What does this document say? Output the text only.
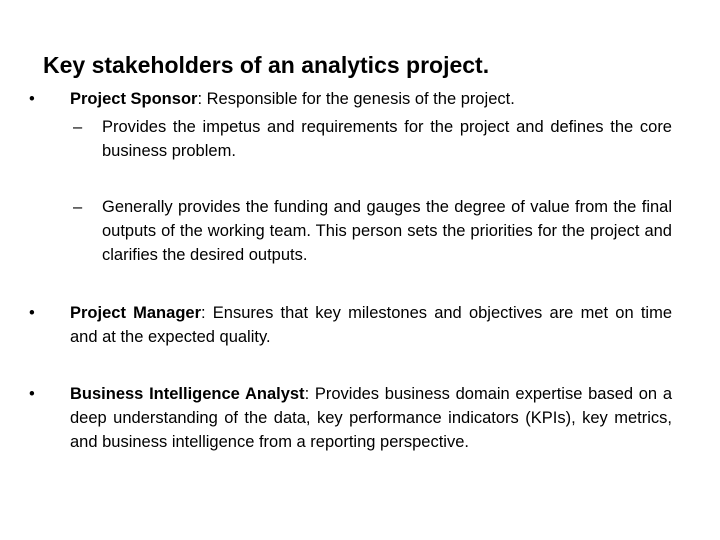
Key stakeholders of an analytics project.
•	Project Sponsor: Responsible for the genesis of the project.
–	Provides the impetus and requirements for the project and defines the core business problem.
–	Generally provides the funding and gauges the degree of value from the final outputs of the working team. This person sets the priorities for the project and clarifies the desired outputs.
•	Project Manager: Ensures that key milestones and objectives are met on time and at the expected quality.
•	Business Intelligence Analyst: Provides business domain expertise based on a deep understanding of the data, key performance indicators (KPIs), key metrics, and business intelligence from a reporting perspective.
